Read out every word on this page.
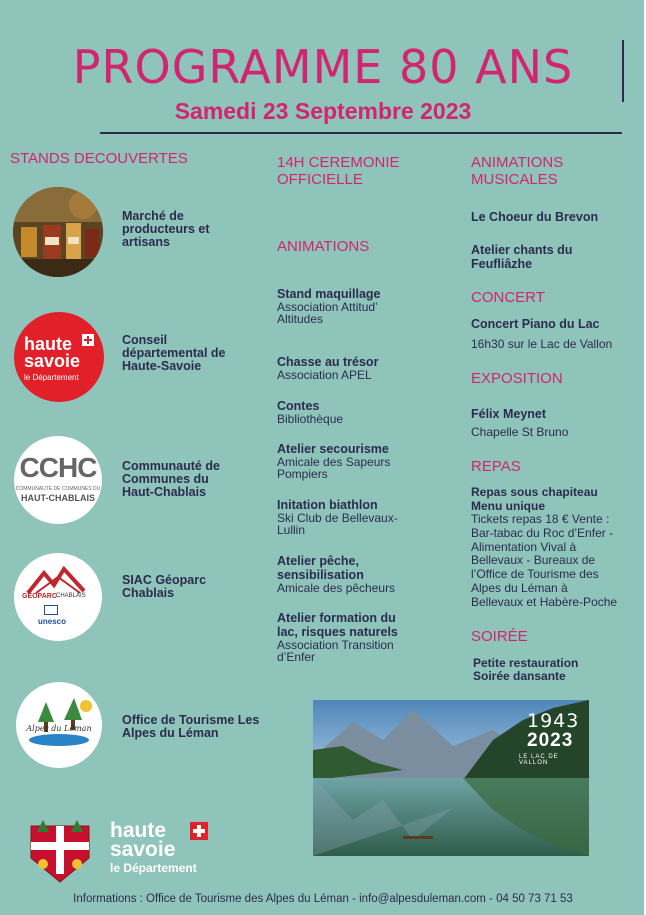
PROGRAMME 80 ANS
Samedi 23 Septembre 2023
STANDS DECOUVERTES
Marché de producteurs et artisans
haute
savoie
le Département
Conseil départemental de Haute-Savoie
CCHC
COMMUNAUTÉ DE COMMUNES DU
HAUT-CHABLAIS
Communauté de Communes du Haut-Chablais
GÉOPARC CHABLAIS
unesco
SIAC Géoparc Chablais
Alpes du Léman
Office de Tourisme Les Alpes du Léman
14H CEREMONIE OFFICIELLE
ANIMATIONS
Stand maquillage
Association Attitud’ Altitudes
Chasse au trésor
Association APEL
Contes
Bibliothèque
Atelier secourisme
Amicale des Sapeurs Pompiers
Initation biathlon
Ski Club de Bellevaux-Lullin
Atelier pêche, sensibilisation
Amicale des pêcheurs
Atelier formation du lac, risques naturels
Association Transition d’Enfer
ANIMATIONS MUSICALES
Le Choeur du Brevon
Atelier chants du Feufliâzhe
CONCERT
Concert Piano du Lac
16h30 sur le Lac de Vallon
EXPOSITION
Félix Meynet
Chapelle St Bruno
REPAS
Repas sous chapiteau Menu unique
Tickets repas 18 € Vente : Bar-tabac du Roc d’Enfer - Alimentation Vival à Bellevaux - Bureaux de l’Office de Tourisme des Alpes du Léman à Bellevaux et Habère-Poche
SOIRÉE
Petite restauration
Soirée dansante
1943
2023
LE LAC DE VALLON
haute
savoie
le Département
Informations : Office de Tourisme des Alpes du Léman - info@alpesduleman.com - 04 50 73 71 53
